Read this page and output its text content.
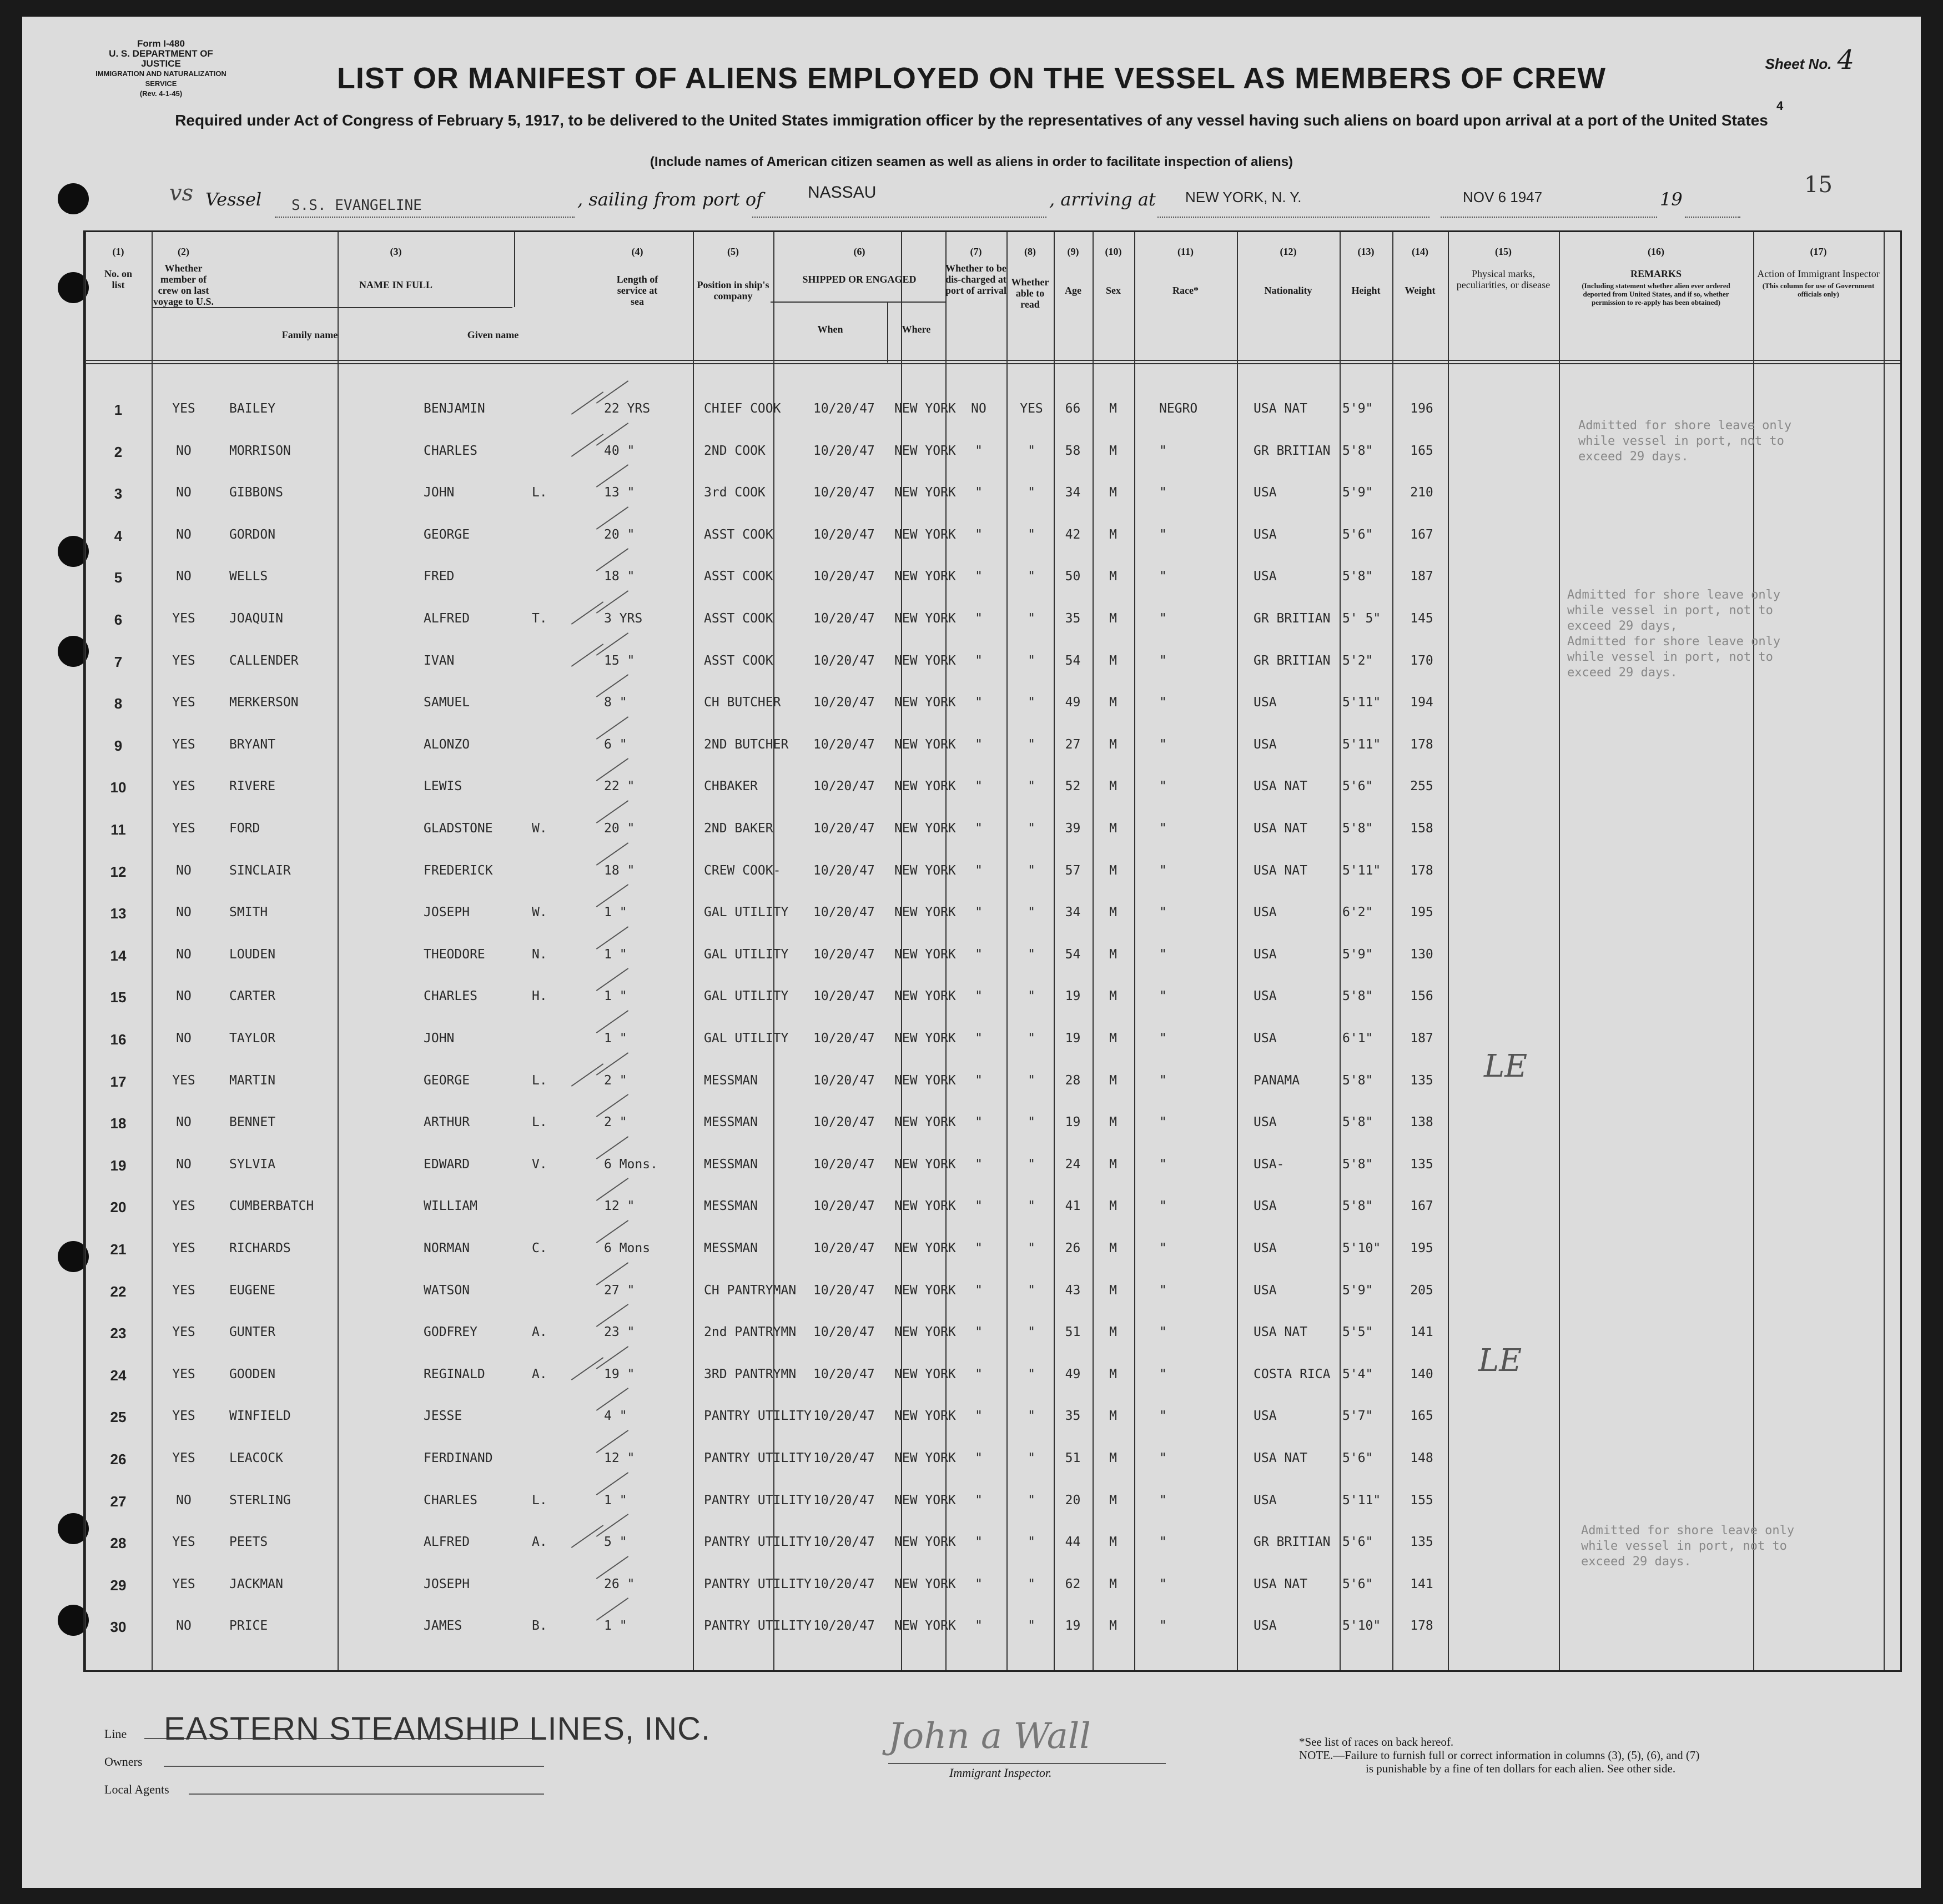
Form I-480
U. S. DEPARTMENT OF JUSTICE
IMMIGRATION AND NATURALIZATION SERVICE
(Rev. 4-1-45)
Sheet No. 4
LIST OR MANIFEST OF ALIENS EMPLOYED ON THE VESSEL AS MEMBERS OF CREW
Required under Act of Congress of February 5, 1917, to be delivered to the United States immigration officer by the representatives of any vessel having such aliens on board upon arrival at a port of the United States
(Include names of American citizen seamen as well as aliens in order to facilitate inspection of aliens)
4
15
vs Vessel S.S. EVANGELINE	, sailing from port of	NASSAU	, arriving at NEW YORK, N. Y.	NOV 6 1947	19
(1)
No. on list
(2)
Whether member of crew on last voyage to U.S.
(3)
NAME IN FULL
Family name	Given name
(4)
Length of service at sea
(5)
Position in ship's company
(6)
SHIPPED OR ENGAGED
When	Where
(7)
Whether to be dis-charged at port of arrival
(8)
Whether able to read
(9)
Age
(10)
Sex
(11)
Race*
(12)
Nationality
(13)
Height
(14)
Weight
(15)
Physical marks, peculiarities, or disease
(16)
REMARKS
(Including statement whether alien ever ordered deported from United States, and if so, whether permission to re-apply has been obtained)
(17)
Action of Immigrant Inspector
(This column for use of Government officials only)
1	YES	BAILEY	BENJAMIN	22 YRS	CHIEF COOK	10/20/47 NEW YORK	NO	YES	66	M	NEGRO	USA NAT	5'9"	196
2	NO	MORRISON	CHARLES	40 "	2ND COOK	10/20/47 NEW YORK	"	"	58	M	"	GR BRITIAN 5'8"	165
3	NO	GIBBONS	JOHN	L.	13 "	3rd COOK	10/20/47 NEW YORK	"	"	34	M	"	USA	5'9"	210
4	NO	GORDON	GEORGE	20 "	ASST COOK	10/20/47 NEW YORK	"	"	42	M	"	USA	5'6"	167
5	NO	WELLS	FRED	18 "	ASST COOK	10/20/47 NEW YORK	"	"	50	M	"	USA	5'8"	187
6	YES	JOAQUIN	ALFRED	T.	3 YRS	ASST COOK	10/20/47 NEW YORK	"	"	35	M	"	GR BRITIAN 5' 5"	145
7	YES	CALLENDER	IVAN	15 "	ASST COOK	10/20/47 NEW YORK	"	"	54	M	"	GR BRITIAN 5'2"	170
8	YES	MERKERSON	SAMUEL	8 "	CH BUTCHER	10/20/47 NEW YORK	"	"	49	M	"	USA	5'11"	194
9	YES	BRYANT	ALONZO	6 "	2ND BUTCHER 10/20/47 NEW YORK	"	"	27	M	"	USA	5'11"	178
10	YES	RIVERE	LEWIS	22 "	CHBAKER	10/20/47 NEW YORK	"	"	52	M	"	USA NAT	5'6"	255
11	YES	FORD	GLADSTONE	W.	20 "	2ND BAKER	10/20/47 NEW YORK	"	"	39	M	"	USA NAT	5'8"	158
12	NO	SINCLAIR	FREDERICK	18 "	CREW COOK-	10/20/47 NEW YORK	"	"	57	M	"	USA NAT	5'11"	178
13	NO	SMITH	JOSEPH	W.	1 "	GAL UTILITY 10/20/47 NEW YORK	"	"	34	M	"	USA	6'2"	195
14	NO	LOUDEN	THEODORE	N.	1 "	GAL UTILITY 10/20/47 NEW YORK	"	"	54	M	"	USA	5'9"	130
15	NO	CARTER	CHARLES	H.	1 "	GAL UTILITY 10/20/47 NEW YORK	"	"	19	M	"	USA	5'8"	156
16	NO	TAYLOR	JOHN	1 "	GAL UTILITY 10/20/47 NEW YORK	"	"	19	M	"	USA	6'1"	187
17	YES	MARTIN	GEORGE	L.	2 "	MESSMAN	10/20/47 NEW YORK	"	"	28	M	"	PANAMA	5'8"	135
18	NO	BENNET	ARTHUR	L.	2 "	MESSMAN	10/20/47 NEW YORK	"	"	19	M	"	USA	5'8"	138
19	NO	SYLVIA	EDWARD	V.	6 Mons.	MESSMAN	10/20/47 NEW YORK	"	"	24	M	"	USA-	5'8"	135
20	YES	CUMBERBATCH	WILLIAM	12 "	MESSMAN	10/20/47 NEW YORK	"	"	41	M	"	USA	5'8"	167
21	YES	RICHARDS	NORMAN	C.	6 Mons	MESSMAN	10/20/47 NEW YORK	"	"	26	M	"	USA	5'10"	195
22	YES	EUGENE	WATSON	27 "	CH PANTRYMAN 10/20/47 NEW YORK	"	"	43	M	"	USA	5'9"	205
23	YES	GUNTER	GODFREY	A.	23 "	2nd PANTRYMN 10/20/47 NEW YORK	"	"	51	M	"	USA NAT	5'5"	141
24	YES	GOODEN	REGINALD	A.	19 "	3RD PANTRYMN 10/20/47 NEW YORK	"	"	49	M	"	COSTA RICA 5'4"	140
25	YES	WINFIELD	JESSE	4 "	PANTRY UTILITY 10/20/47 NEW YORK	"	"	35	M	"	USA	5'7"	165
26	YES	LEACOCK	FERDINAND	12 "	PANTRY UTILITY 10/20/47 NEW YORK	"	"	51	M	"	USA NAT	5'6"	148
27	NO	STERLING	CHARLES	L.	1 "	PANTRY UTILITY 10/20/47 NEW YORK	"	"	20	M	"	USA	5'11"	155
28	YES	PEETS	ALFRED	A.	5 "	PANTRY UTILITY 10/20/47 NEW YORK	"	"	44	M	"	GR BRITIAN 5'6"	135
29	YES	JACKMAN	JOSEPH	26 "	PANTRY UTILITY 10/20/47 NEW YORK	"	"	62	M	"	USA NAT	5'6"	141
30	NO	PRICE	JAMES	B.	1 "	PANTRY UTILITY 10/20/47 NEW YORK	"	"	19	M	"	USA	5'10"	178
Admitted for shore leave only
while vessel in port, not to
exceed 29 days.
Admitted for shore leave only
while vessel in port, not to
exceed 29 days,
Admitted for shore leave only
while vessel in port, not to
exceed 29 days.
Admitted for shore leave only
while vessel in port, not to
exceed 29 days.
LE
LE
Line
Owners
Local Agents
EASTERN STEAMSHIP LINES, INC.	John a Wall
Immigrant Inspector.
*See list of races on back hereof.
NOTE.—Failure to furnish full or correct information in columns (3), (5), (6), and (7)
is punishable by a fine of ten dollars for each alien. See other side.
